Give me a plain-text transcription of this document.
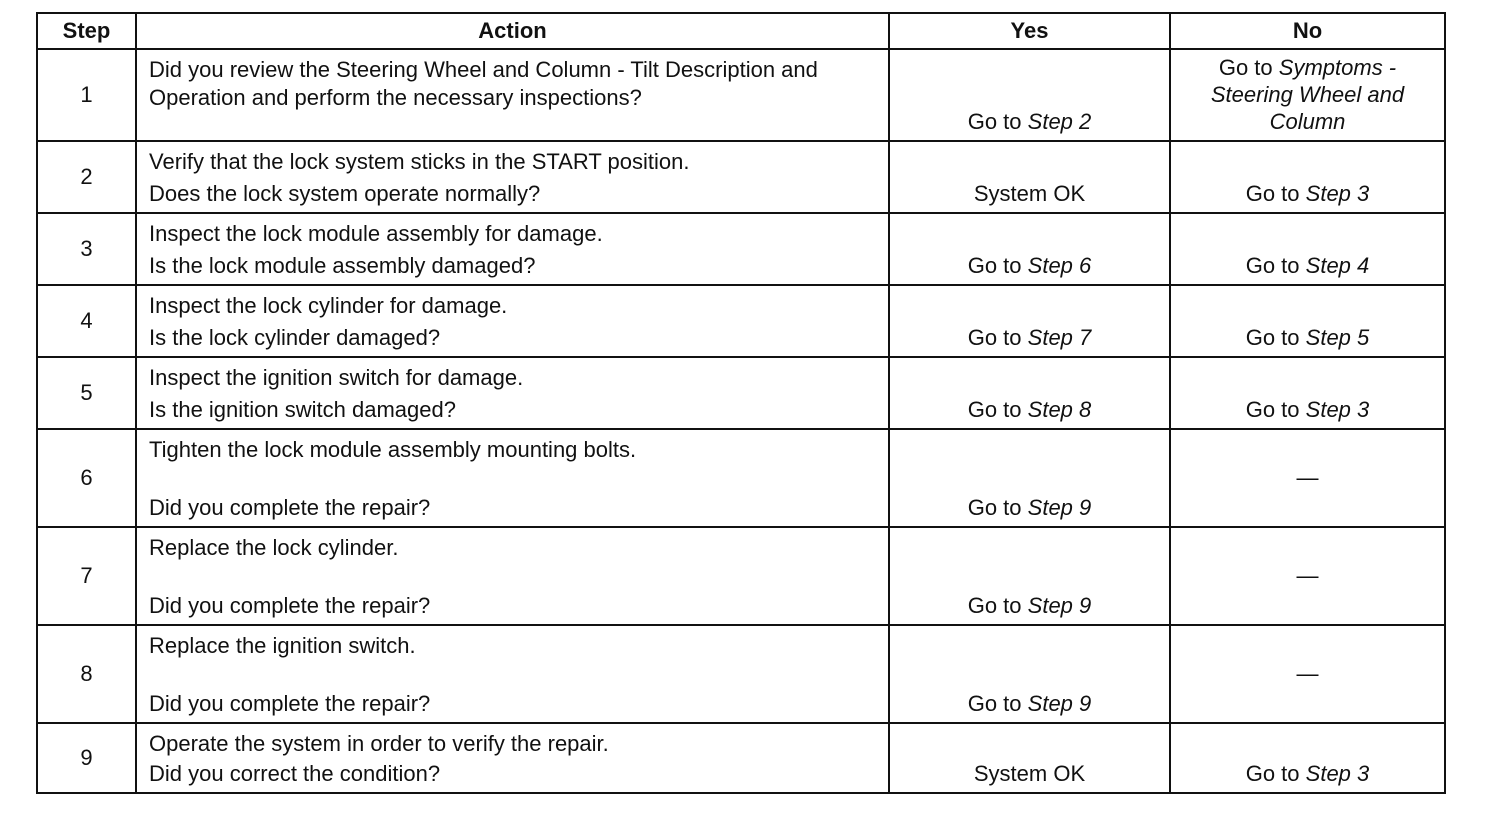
Step	Action	Yes	No
1	Did you review the Steering Wheel and Column - Tilt Description and Operation and perform the necessary inspections?	Go to Step 2	Go to Symptoms -
Steering Wheel and
Column

2	Verify that the lock system sticks in the START position.
Does the lock system operate normally?	System OK	Go to Step 3

3	Inspect the lock module assembly for damage.
Is the lock module assembly damaged?	Go to Step 6	Go to Step 4

4	Inspect the lock cylinder for damage.
Is the lock cylinder damaged?	Go to Step 7	Go to Step 5

5	Inspect the ignition switch for damage.
Is the ignition switch damaged?	Go to Step 8	Go to Step 3

6	Tighten the lock module assembly mounting bolts.
Did you complete the repair?	Go to Step 9	—

7	Replace the lock cylinder.
Did you complete the repair?	Go to Step 9	—

8	Replace the ignition switch.
Did you complete the repair?	Go to Step 9	—

9	Operate the system in order to verify the repair.
Did you correct the condition?	System OK	Go to Step 3
